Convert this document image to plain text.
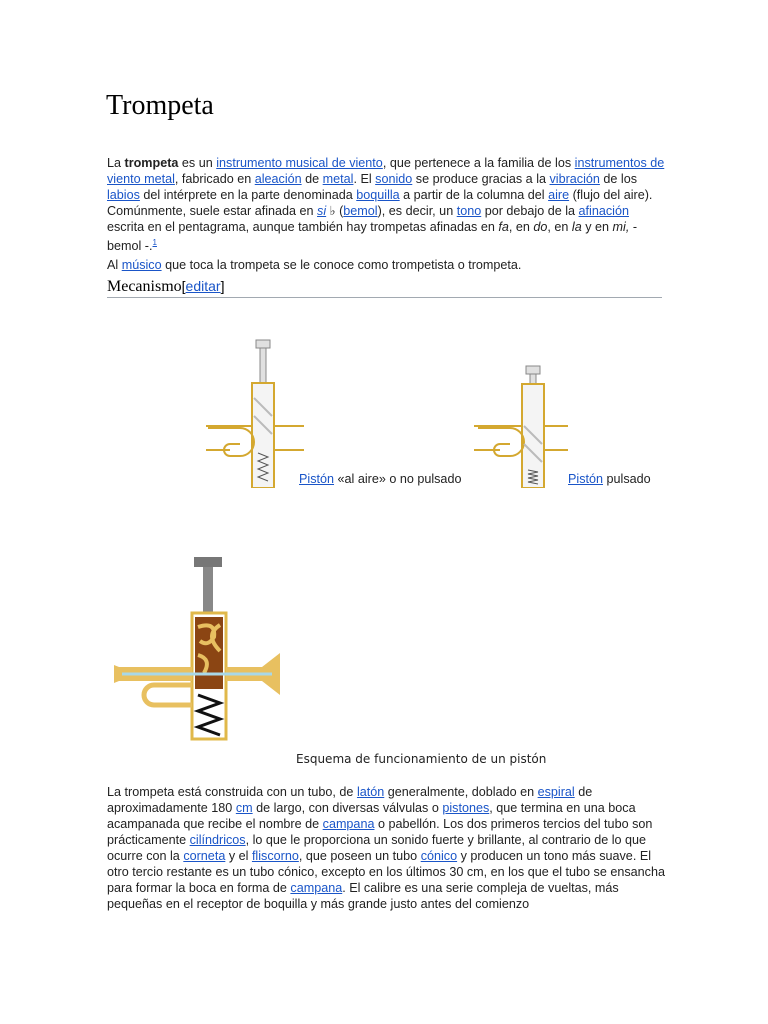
Trompeta

La trompeta es un instrumento musical de viento, que pertenece a la familia de los instrumentos de viento metal, fabricado en aleación de metal. El sonido se produce gracias a la vibración de los labios del intérprete en la parte denominada boquilla a partir de la columna del aire (flujo del aire). Comúnmente, suele estar afinada en si ♭ (bemol), es decir, un tono por debajo de la afinación escrita en el pentagrama, aunque también hay trompetas afinadas en fa, en do, en la y en mi, - bemol -.$^1$

Al músico que toca la trompeta se le conoce como trompetista o trompeta.

Mecanismo[editar]
Pistón «al aire» o no pulsado	Pistón pulsado
Esquema de funcionamiento de un pistón

La trompeta está construida con un tubo, de latón generalmente, doblado en espiral de aproximadamente 180 cm de largo, con diversas válvulas o pistones, que termina en una boca acampanada que recibe el nombre de campana o pabellón. Los dos primeros tercios del tubo son prácticamente cilíndricos, lo que le proporciona un sonido fuerte y brillante, al contrario de lo que ocurre con la corneta y el fliscorno, que poseen un tubo cónico y producen un tono más suave. El otro tercio restante es un tubo cónico, excepto en los últimos 30 cm, en los que el tubo se ensancha para formar la boca en forma de campana. El calibre es una serie compleja de vueltas, más pequeñas en el receptor de boquilla y más grande justo antes del comienzo
